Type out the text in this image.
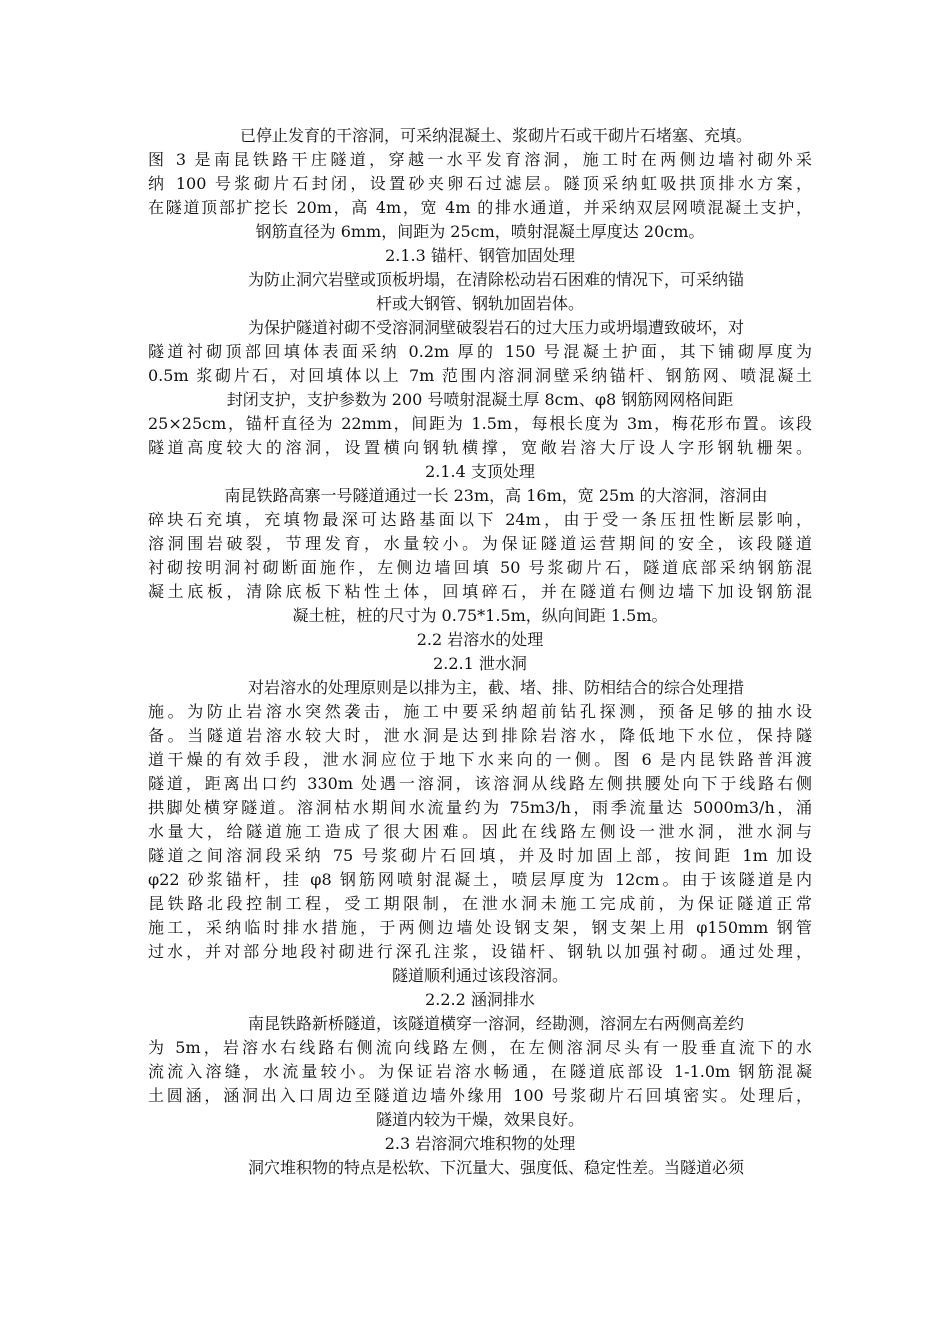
已停止发育的干溶洞，可采纳混凝土、浆砌片石或干砌片石堵塞、充填。
图 3 是南昆铁路干庄隧道，穿越一水平发育溶洞，施工时在两侧边墙衬砌外采
纳 100 号浆砌片石封闭，设置砂夹卵石过滤层。隧顶采纳虹吸拱顶排水方案，
在隧道顶部扩挖长 20m，高 4m，宽 4m 的排水通道，并采纳双层网喷混凝土支护，
钢筋直径为 6mm，间距为 25cm，喷射混凝土厚度达 20cm。
2.1.3 锚杆、钢管加固处理
为防止洞穴岩壁或顶板坍塌，在清除松动岩石困难的情况下，可采纳锚
杆或大钢管、钢轨加固岩体。
为保护隧道衬砌不受溶洞洞壁破裂岩石的过大压力或坍塌遭致破坏，对
隧道衬砌顶部回填体表面采纳 0.2m 厚的 150 号混凝土护面，其下铺砌厚度为
0.5m 浆砌片石，对回填体以上 7m 范围内溶洞洞壁采纳锚杆、钢筋网、喷混凝土
封闭支护，支护参数为 200 号喷射混凝土厚 8cm、φ8 钢筋网网格间距
25×25cm，锚杆直径为 22mm，间距为 1.5m，每根长度为 3m，梅花形布置。该段
隧道高度较大的溶洞，设置横向钢轨横撑，宽敞岩溶大厅设人字形钢轨栅架。
2.1.4 支顶处理
南昆铁路高寨一号隧道通过一长 23m，高 16m，宽 25m 的大溶洞，溶洞由
碎块石充填，充填物最深可达路基面以下 24m，由于受一条压扭性断层影响，
溶洞围岩破裂，节理发育，水量较小。为保证隧道运营期间的安全，该段隧道
衬砌按明洞衬砌断面施作，左侧边墙回填 50 号浆砌片石，隧道底部采纳钢筋混
凝土底板，清除底板下粘性土体，回填碎石，并在隧道右侧边墙下加设钢筋混
凝土桩，桩的尺寸为 0.75*1.5m，纵向间距 1.5m。
2.2 岩溶水的处理
2.2.1 泄水洞
对岩溶水的处理原则是以排为主，截、堵、排、防相结合的综合处理措
施。为防止岩溶水突然袭击，施工中要采纳超前钻孔探测，预备足够的抽水设
备。当隧道岩溶水较大时，泄水洞是达到排除岩溶水，降低地下水位，保持隧
道干燥的有效手段，泄水洞应位于地下水来向的一侧。图 6 是内昆铁路普洱渡
隧道，距离出口约 330m 处遇一溶洞，该溶洞从线路左侧拱腰处向下于线路右侧
拱脚处横穿隧道。溶洞枯水期间水流量约为 75m3/h，雨季流量达 5000m3/h，涌
水量大，给隧道施工造成了很大困难。因此在线路左侧设一泄水洞，泄水洞与
隧道之间溶洞段采纳 75 号浆砌片石回填，并及时加固上部，按间距 1m 加设
φ22 砂浆锚杆，挂 φ8 钢筋网喷射混凝土，喷层厚度为 12cm。由于该隧道是内
昆铁路北段控制工程，受工期限制，在泄水洞未施工完成前，为保证隧道正常
施工，采纳临时排水措施，于两侧边墙处设钢支架，钢支架上用 φ150mm 钢管
过水，并对部分地段衬砌进行深孔注浆，设锚杆、钢轨以加强衬砌。通过处理，
隧道顺利通过该段溶洞。
2.2.2 涵洞排水
南昆铁路新桥隧道，该隧道横穿一溶洞，经勘测，溶洞左右两侧高差约
为 5m，岩溶水右线路右侧流向线路左侧，在左侧溶洞尽头有一股垂直流下的水
流流入溶缝，水流量较小。为保证岩溶水畅通，在隧道底部设 1-1.0m 钢筋混凝
土圆涵，涵洞出入口周边至隧道边墙外缘用 100 号浆砌片石回填密实。处理后，
隧道内较为干燥，效果良好。
2.3 岩溶洞穴堆积物的处理
洞穴堆积物的特点是松软、下沉量大、强度低、稳定性差。当隧道必须
